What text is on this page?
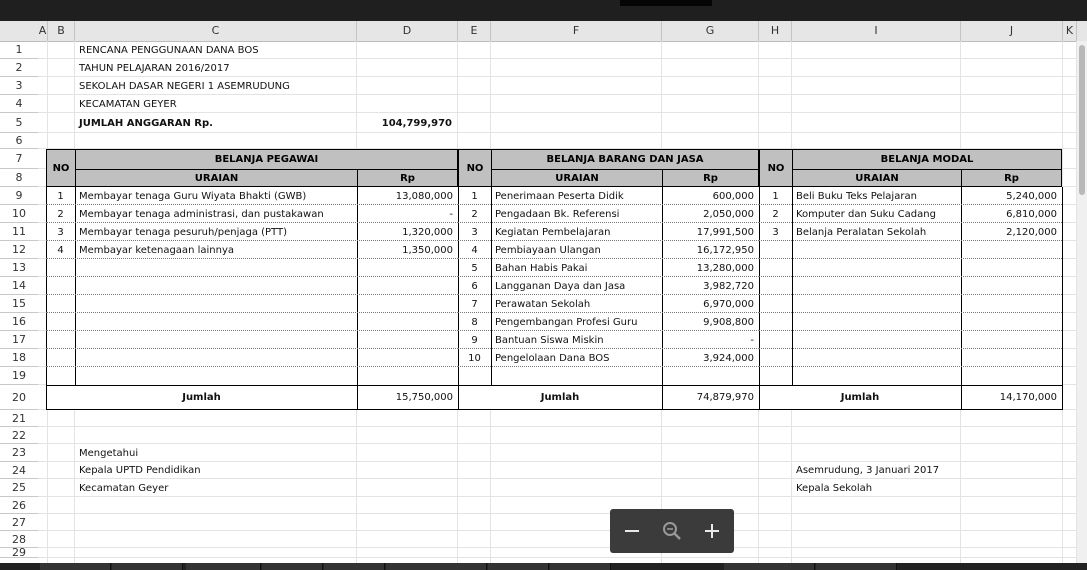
A B	C	D	E	F	G	H	I	J	K
1
2
3
4
5
6
7
8
9
10
11
12
13
14
15
16
17
18
19
20
21
22
23
24
25
26
27
28
29
RENCANA PENGGUNAAN DANA BOS
TAHUN PELAJARAN 2016/2017
SEKOLAH DASAR NEGERI 1 ASEMRUDUNG
KECAMATAN GEYER
JUMLAH ANGGARAN Rp.	104,799,970
NO
BELANJA PEGAWAI
URAIAN	Rp
Jumlah	15,750,000
1	Membayar tenaga Guru Wiyata Bhakti (GWB)	13,080,000
2	Membayar tenaga administrasi, dan pustakawan	-
3	Membayar tenaga pesuruh/penjaga (PTT)	1,320,000
4	Membayar ketenagaan lainnya	1,350,000
NO
BELANJA BARANG DAN JASA
URAIAN	Rp
Jumlah	74,879,970
1	Penerimaan Peserta Didik	600,000
2	Pengadaan Bk. Referensi	2,050,000
3	Kegiatan Pembelajaran	17,991,500
4	Pembiayaan Ulangan	16,172,950
5	Bahan Habis Pakai	13,280,000
6	Langganan Daya dan Jasa	3,982,720
7	Perawatan Sekolah	6,970,000
8	Pengembangan Profesi Guru	9,908,800
9	Bantuan Siswa Miskin	-
10	Pengelolaan Dana BOS	3,924,000
NO
BELANJA MODAL
URAIAN	Rp
Jumlah	14,170,000
1	Beli Buku Teks Pelajaran	5,240,000
2	Komputer dan Suku Cadang	6,810,000
3	Belanja Peralatan Sekolah	2,120,000
Mengetahui
Kepala UPTD Pendidikan
Kecamatan Geyer
Asemrudung, 3 Januari 2017
Kepala Sekolah
